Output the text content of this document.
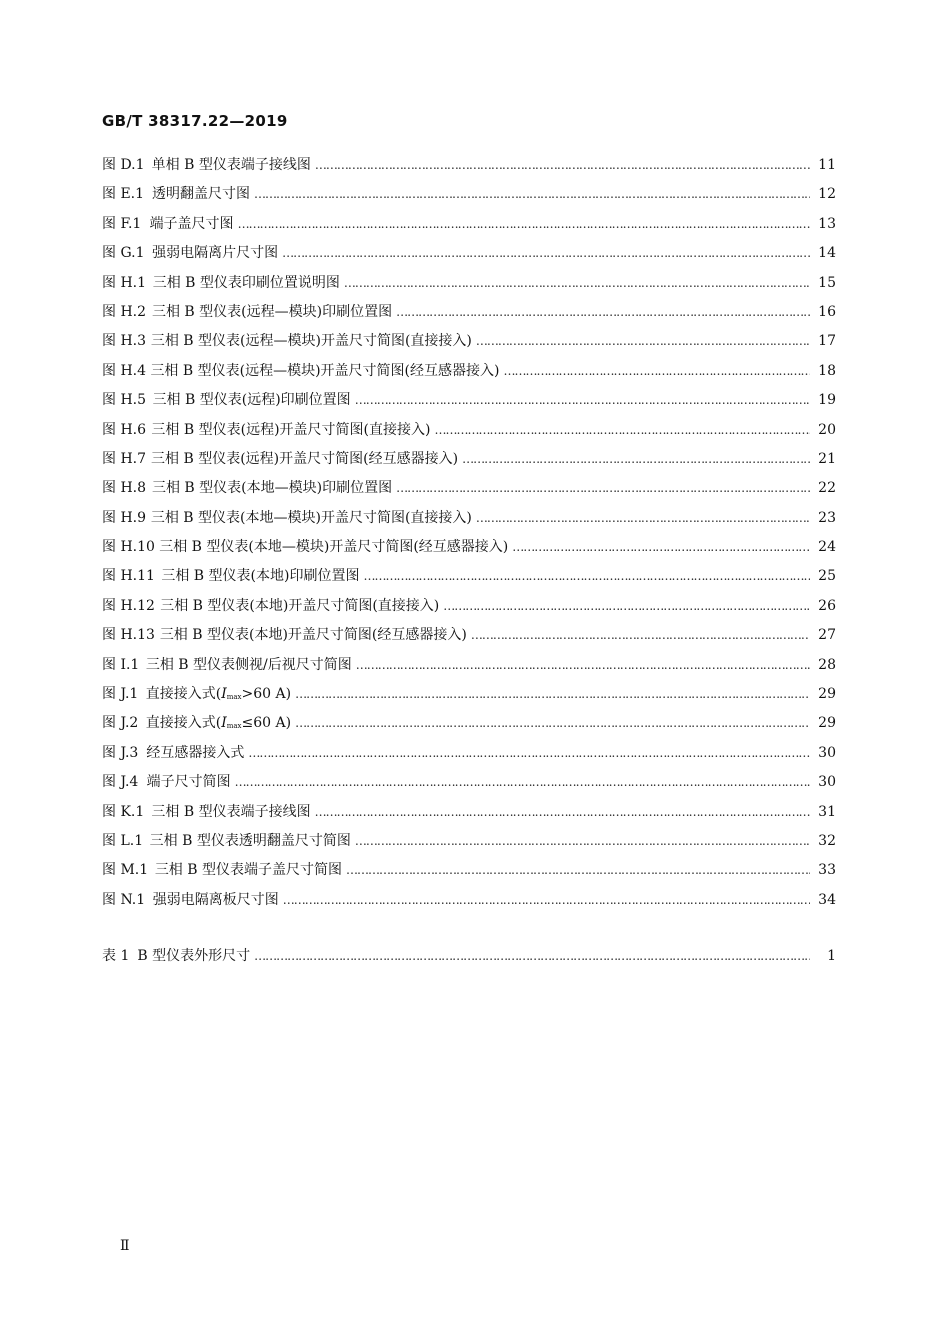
GB/T 38317.22—2019
图 D.1 单相 B 型仪表端子接线图 …………………………………………………………………………………………………………………………………………………………………………………………………………	11
图 E.1 透明翻盖尺寸图 …………………………………………………………………………………………………………………………………………………………………………………………………………	12
图 F.1 端子盖尺寸图 …………………………………………………………………………………………………………………………………………………………………………………………………………	13
图 G.1 强弱电隔离片尺寸图 …………………………………………………………………………………………………………………………………………………………………………………………………………	14
图 H.1 三相 B 型仪表印刷位置说明图 …………………………………………………………………………………………………………………………………………………………………………………………………………	15
图 H.2 三相 B 型仪表(远程—模块)印刷位置图 …………………………………………………………………………………………………………………………………………………………………………………………………………	16
图 H.3 三相 B 型仪表(远程—模块)开盖尺寸简图(直接接入) …………………………………………………………………………………………………………………………………………………………………………………………………………	17
图 H.4 三相 B 型仪表(远程—模块)开盖尺寸简图(经互感器接入) …………………………………………………………………………………………………………………………………………………………………………………………………………	18
图 H.5 三相 B 型仪表(远程)印刷位置图 …………………………………………………………………………………………………………………………………………………………………………………………………………	19
图 H.6 三相 B 型仪表(远程)开盖尺寸简图(直接接入) …………………………………………………………………………………………………………………………………………………………………………………………………………	20
图 H.7 三相 B 型仪表(远程)开盖尺寸简图(经互感器接入) …………………………………………………………………………………………………………………………………………………………………………………………………………	21
图 H.8 三相 B 型仪表(本地—模块)印刷位置图 …………………………………………………………………………………………………………………………………………………………………………………………………………	22
图 H.9 三相 B 型仪表(本地—模块)开盖尺寸简图(直接接入) …………………………………………………………………………………………………………………………………………………………………………………………………………	23
图 H.10 三相 B 型仪表(本地—模块)开盖尺寸简图(经互感器接入) …………………………………………………………………………………………………………………………………………………………………………………………………………	24
图 H.11 三相 B 型仪表(本地)印刷位置图 …………………………………………………………………………………………………………………………………………………………………………………………………………	25
图 H.12 三相 B 型仪表(本地)开盖尺寸简图(直接接入) …………………………………………………………………………………………………………………………………………………………………………………………………………	26
图 H.13 三相 B 型仪表(本地)开盖尺寸简图(经互感器接入) …………………………………………………………………………………………………………………………………………………………………………………………………………	27
图 I.1 三相 B 型仪表侧视/后视尺寸简图 …………………………………………………………………………………………………………………………………………………………………………………………………………	28
图 J.1 直接接入式(Imax>60 A) …………………………………………………………………………………………………………………………………………………………………………………………………………	29
图 J.2 直接接入式(Imax≤60 A) …………………………………………………………………………………………………………………………………………………………………………………………………………	29
图 J.3 经互感器接入式 …………………………………………………………………………………………………………………………………………………………………………………………………………	30
图 J.4 端子尺寸简图 …………………………………………………………………………………………………………………………………………………………………………………………………………	30
图 K.1 三相 B 型仪表端子接线图 …………………………………………………………………………………………………………………………………………………………………………………………………………	31
图 L.1 三相 B 型仪表透明翻盖尺寸简图 …………………………………………………………………………………………………………………………………………………………………………………………………………	32
图 M.1 三相 B 型仪表端子盖尺寸简图 …………………………………………………………………………………………………………………………………………………………………………………………………………	33
图 N.1 强弱电隔离板尺寸图 …………………………………………………………………………………………………………………………………………………………………………………………………………	34
表 1 B 型仪表外形尺寸 …………………………………………………………………………………………………………………………………………………………………………………………………………	1
Ⅱ
